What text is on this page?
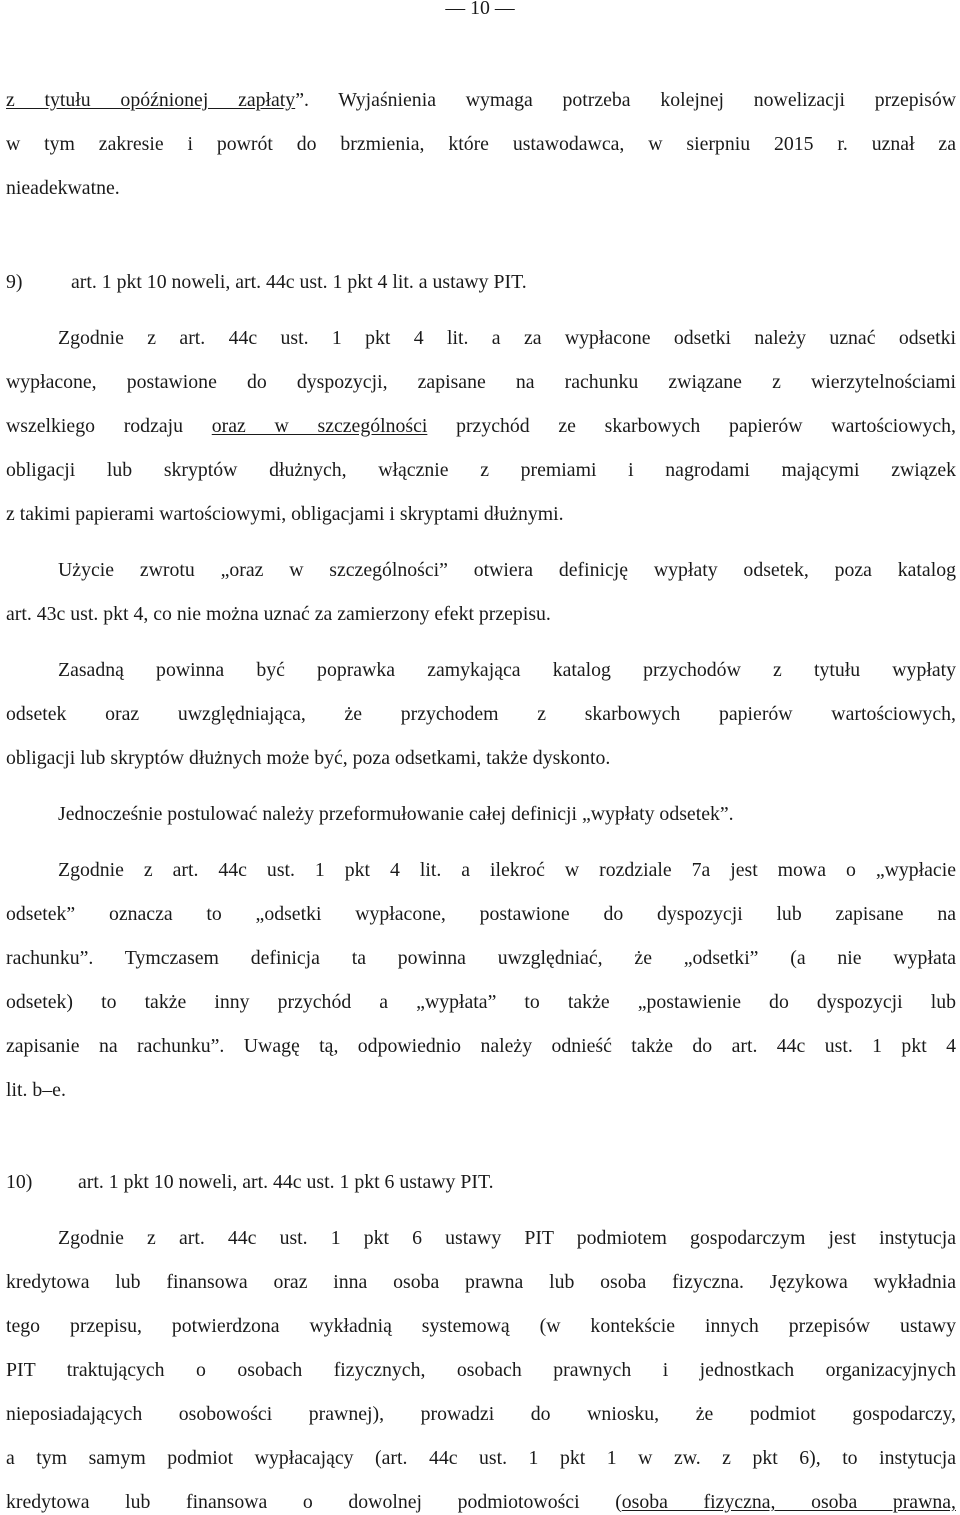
— 10 —
z tytułu opóźnionej zapłaty”. Wyjaśnienia wymaga potrzeba kolejnej nowelizacji przepisów
w tym zakresie i powrót do brzmienia, które ustawodawca, w sierpniu 2015 r. uznał za
nieadekwatne.
9) art. 1 pkt 10 noweli, art. 44c ust. 1 pkt 4 lit. a ustawy PIT.
Zgodnie z art. 44c ust. 1 pkt 4 lit. a za wypłacone odsetki należy uznać odsetki
wypłacone, postawione do dyspozycji, zapisane na rachunku związane z wierzytelnościami
wszelkiego rodzaju oraz w szczególności przychód ze skarbowych papierów wartościowych,
obligacji lub skryptów dłużnych, włącznie z premiami i nagrodami mającymi związek
z takimi papierami wartościowymi, obligacjami i skryptami dłużnymi.
Użycie zwrotu „oraz w szczególności” otwiera definicję wypłaty odsetek, poza katalog
art. 43c ust. pkt 4, co nie można uznać za zamierzony efekt przepisu.
Zasadną powinna być poprawka zamykająca katalog przychodów z tytułu wypłaty
odsetek oraz uwzględniająca, że przychodem z skarbowych papierów wartościowych,
obligacji lub skryptów dłużnych może być, poza odsetkami, także dyskonto.
Jednocześnie postulować należy przeformułowanie całej definicji „wypłaty odsetek”.
Zgodnie z art. 44c ust. 1 pkt 4 lit. a ilekroć w rozdziale 7a jest mowa o „wypłacie
odsetek” oznacza to „odsetki wypłacone, postawione do dyspozycji lub zapisane na
rachunku”. Tymczasem definicja ta powinna uwzględniać, że „odsetki” (a nie wypłata
odsetek) to także inny przychód a „wypłata” to także „postawienie do dyspozycji lub
zapisanie na rachunku”. Uwagę tą, odpowiednio należy odnieść także do art. 44c ust. 1 pkt 4
lit. b–e.
10) art. 1 pkt 10 noweli, art. 44c ust. 1 pkt 6 ustawy PIT.
Zgodnie z art. 44c ust. 1 pkt 6 ustawy PIT podmiotem gospodarczym jest instytucja
kredytowa lub finansowa oraz inna osoba prawna lub osoba fizyczna. Językowa wykładnia
tego przepisu, potwierdzona wykładnią systemową (w kontekście innych przepisów ustawy
PIT traktujących o osobach fizycznych, osobach prawnych i jednostkach organizacyjnych
nieposiadających osobowości prawnej), prowadzi do wniosku, że podmiot gospodarczy,
a tym samym podmiot wypłacający (art. 44c ust. 1 pkt 1 w zw. z pkt 6), to instytucja
kredytowa lub finansowa o dowolnej podmiotowości (osoba fizyczna, osoba prawna,
